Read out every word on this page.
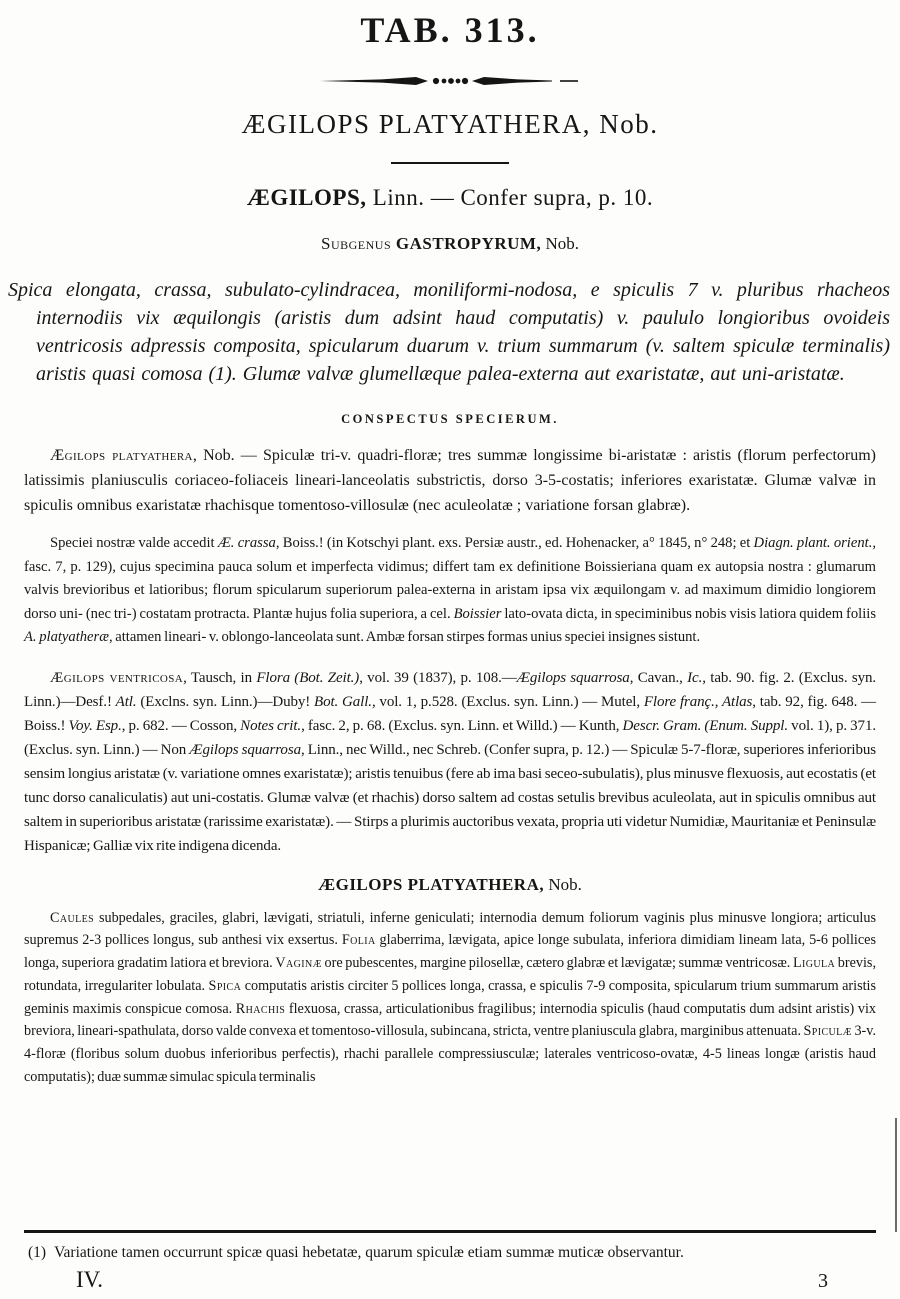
TAB. 313.
ÆGILOPS PLATYATHERA, Nob.
ÆGILOPS, Linn. — Confer supra, p. 10.
Subgenus GASTROPYRUM, Nob.
Spica elongata, crassa, subulato-cylindracea, moniliformi-nodosa, e spiculis 7 v. pluribus rhacheos internodiis vix æquilongis (aristis dum adsint haud computatis) v. paululo longioribus ovoideis ventricosis adpressis composita, spicularum duarum v. trium summarum (v. saltem spiculæ terminalis) aristis quasi comosa (1). Glumæ valvæ glumellæque palea-externa aut exaristatæ, aut uni-aristatæ.
CONSPECTUS SPECIERUM.
Ægilops platyathera, Nob. — Spiculæ tri-v. quadri-floræ; tres summæ longissime bi-aristatæ : aristis (florum perfectorum) latissimis planiusculis coriaceo-foliaceis lineari-lanceolatis substrictis, dorso 3-5-costatis; inferiores exaristatæ. Glumæ valvæ in spiculis omnibus exaristatæ rhachisque tomentoso-villosulæ (nec aculeolatæ ; variatione forsan glabræ).
Speciei nostræ valde accedit Æ. crassa, Boiss.! (in Kotschyi plant. exs. Persiæ austr., ed. Hohenacker, a° 1845, n° 248; et Diagn. plant. orient., fasc. 7, p. 129), cujus specimina pauca solum et imperfecta vidimus; differt tam ex definitione Boissieriana quam ex autopsia nostra : glumarum valvis brevioribus et latioribus; florum spicularum superiorum palea-externa in aristam ipsa vix æquilongam v. ad maximum dimidio longiorem dorso uni- (nec tri-) costatam protracta. Plantæ hujus folia superiora, a cel. Boissier lato-ovata dicta, in speciminibus nobis visis latiora quidem foliis A. platyatheræ, attamen lineari- v. oblongo-lanceolata sunt. Ambæ forsan stirpes formas unius speciei insignes sistunt.
Ægilops ventricosa, Tausch, in Flora (Bot. Zeit.), vol. 39 (1837), p. 108.—Ægilops squarrosa, Cavan., Ic., tab. 90. fig. 2. (Exclus. syn. Linn.)—Desf.! Atl. (Exclns. syn. Linn.)—Duby! Bot. Gall., vol. 1, p.528. (Exclus. syn. Linn.) — Mutel, Flore franç., Atlas, tab. 92, fig. 648. — Boiss.! Voy. Esp., p. 682. — Cosson, Notes crit., fasc. 2, p. 68. (Exclus. syn. Linn. et Willd.) — Kunth, Descr. Gram. (Enum. Suppl. vol. 1), p. 371. (Exclus. syn. Linn.) — Non Ægilops squarrosa, Linn., nec Willd., nec Schreb. (Confer supra, p. 12.) — Spiculæ 5-7-floræ, superiores inferioribus sensim longius aristatæ (v. variatione omnes exaristatæ); aristis tenuibus (fere ab ima basi seceo-subulatis), plus minusve flexuosis, aut ecostatis (et tunc dorso canaliculatis) aut uni-costatis. Glumæ valvæ (et rhachis) dorso saltem ad costas setulis brevibus aculeolata, aut in spiculis omnibus aut saltem in superioribus aristatæ (rarissime exaristatæ). — Stirps a plurimis auctoribus vexata, propria uti videtur Numidiæ, Mauritaniæ et Peninsulæ Hispanicæ; Galliæ vix rite indigena dicenda.
ÆGILOPS PLATYATHERA, Nob.
Caules subpedales, graciles, glabri, lævigati, striatuli, inferne geniculati; internodia demum foliorum vaginis plus minusve longiora; articulus supremus 2-3 pollices longus, sub anthesi vix exsertus. Folia glaberrima, lævigata, apice longe subulata, inferiora dimidiam lineam lata, 5-6 pollices longa, superiora gradatim latiora et breviora. Vaginæ ore pubescentes, margine pilosellæ, cætero glabræ et lævigatæ; summæ ventricosæ. Ligula brevis, rotundata, irregulariter lobulata. Spica computatis aristis circiter 5 pollices longa, crassa, e spiculis 7-9 composita, spicularum trium summarum aristis geminis maximis conspicue comosa. Rhachis flexuosa, crassa, articulationibus fragilibus; internodia spiculis (haud computatis dum adsint aristis) vix breviora, lineari-spathulata, dorso valde convexa et tomentoso-villosula, subincana, stricta, ventre planiuscula glabra, marginibus attenuata. Spiculæ 3-v. 4-floræ (floribus solum duobus inferioribus perfectis), rhachi parallele compressiusculæ; laterales ventricoso-ovatæ, 4-5 lineas longæ (aristis haud computatis); duæ summæ simulac spicula terminalis
(1) Variatione tamen occurrunt spicæ quasi hebetatæ, quarum spiculæ etiam summæ muticæ observantur.
IV.	3
